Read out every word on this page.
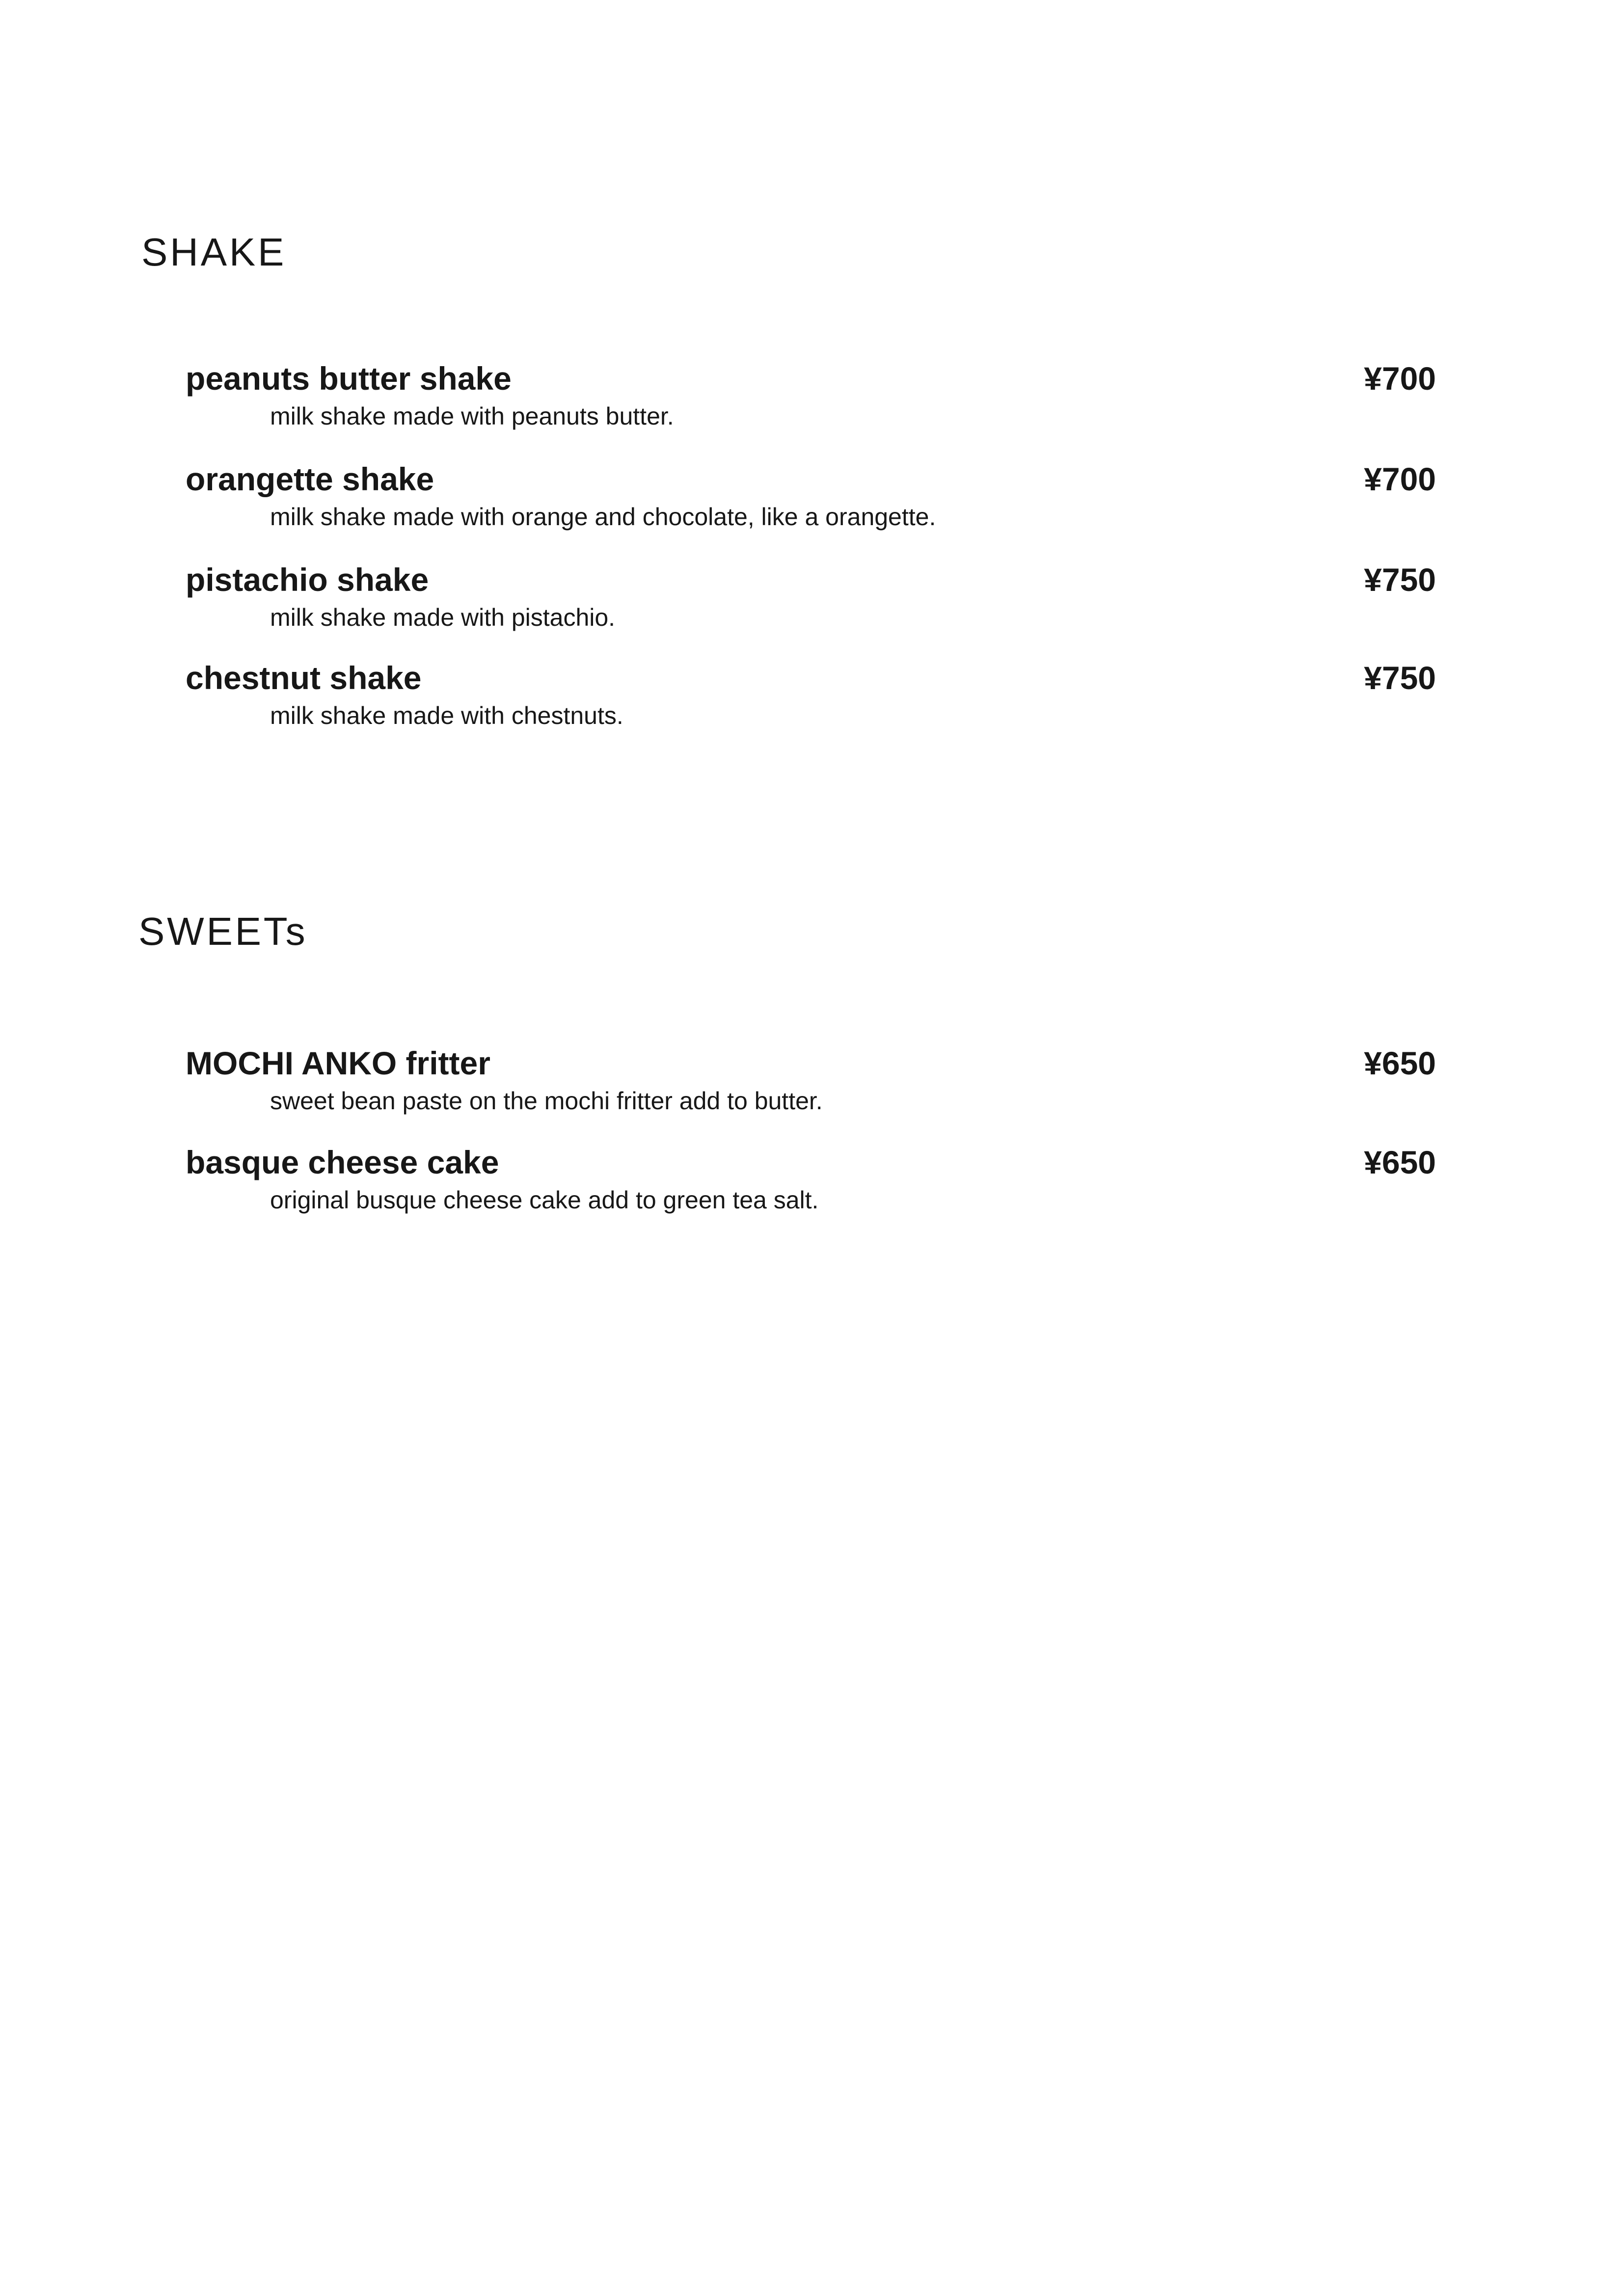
SHAKE
peanuts butter shake	¥700
milk shake made with peanuts butter.
orangette shake	¥700
milk shake made with orange and chocolate, like a orangette.
pistachio shake	¥750
milk shake made with pistachio.
chestnut shake	¥750
milk shake made with chestnuts.
SWEETs
MOCHI ANKO fritter	¥650
sweet bean paste on the mochi fritter add to butter.
basque cheese cake	¥650
original busque cheese cake add to green tea salt.
